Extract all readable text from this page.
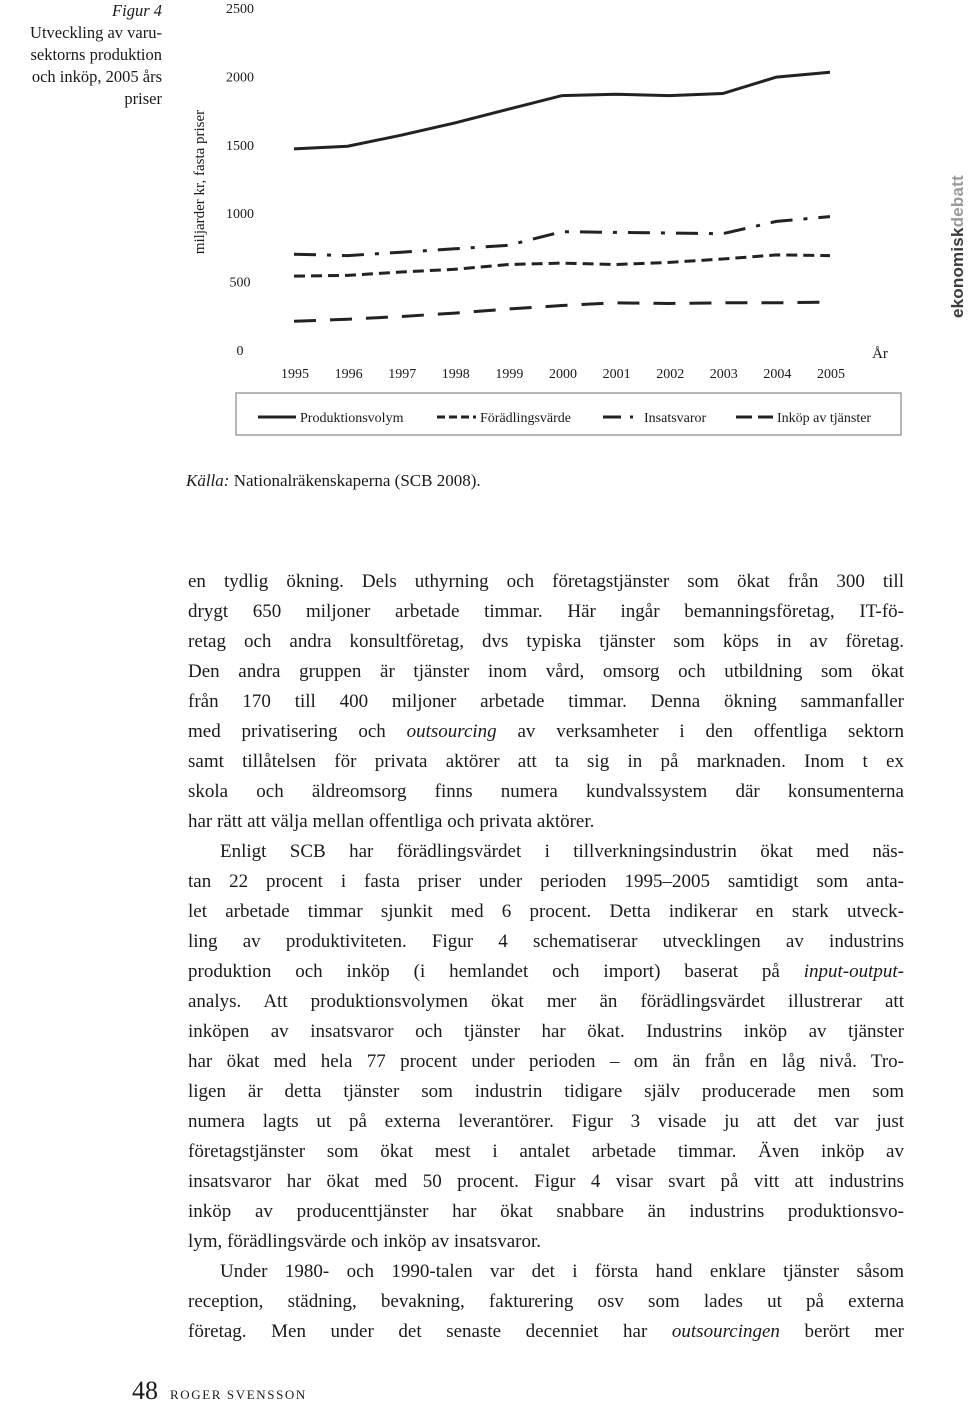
Figur 4
Utveckling av varu-
sektorns produktion
och inköp, 2005 års
priser
miljarder kr, fasta priser
0
500
1000
1500
2000
2500
1995 1996 1997 1998 1999 2000 2001 2002 2003 2004 2005
År
Produktionsvolym	Förädlingsvärde	Insatsvaror	Inköp av tjänster
ekonomiskdebatt
Källa: Nationalräkenskaperna (SCB 2008).

en tydlig ökning. Dels uthyrning och företagstjänster som ökat från 300 till

drygt 650 miljoner arbetade timmar. Här ingår bemanningsföretag, IT-fö-

retag och andra konsultföretag, dvs typiska tjänster som köps in av företag.

Den andra gruppen är tjänster inom vård, omsorg och utbildning som ökat

från 170 till 400 miljoner arbetade timmar. Denna ökning sammanfaller

med privatisering och outsourcing av verksamheter i den offentliga sektorn

samt tillåtelsen för privata aktörer att ta sig in på marknaden. Inom t ex

skola och äldreomsorg finns numera kundvalssystem där konsumenterna

har rätt att välja mellan offentliga och privata aktörer.

Enligt SCB har förädlingsvärdet i tillverkningsindustrin ökat med näs-

tan 22 procent i fasta priser under perioden 1995–2005 samtidigt som anta-

let arbetade timmar sjunkit med 6 procent. Detta indikerar en stark utveck-

ling av produktiviteten. Figur 4 schematiserar utvecklingen av industrins

produktion och inköp (i hemlandet och import) baserat på input-output-

analys. Att produktionsvolymen ökat mer än förädlingsvärdet illustrerar att

inköpen av insatsvaror och tjänster har ökat. Industrins inköp av tjänster

har ökat med hela 77 procent under perioden – om än från en låg nivå. Tro-

ligen är detta tjänster som industrin tidigare själv producerade men som

numera lagts ut på externa leverantörer. Figur 3 visade ju att det var just

företagstjänster som ökat mest i antalet arbetade timmar. Även inköp av

insatsvaror har ökat med 50 procent. Figur 4 visar svart på vitt att industrins

inköp av producenttjänster har ökat snabbare än industrins produktionsvo-

lym, förädlingsvärde och inköp av insatsvaror.

Under 1980- och 1990-talen var det i första hand enklare tjänster såsom

reception, städning, bevakning, fakturering osv som lades ut på externa

företag. Men under det senaste decenniet har outsourcingen berört mer

48 ROGER SVENSSON
